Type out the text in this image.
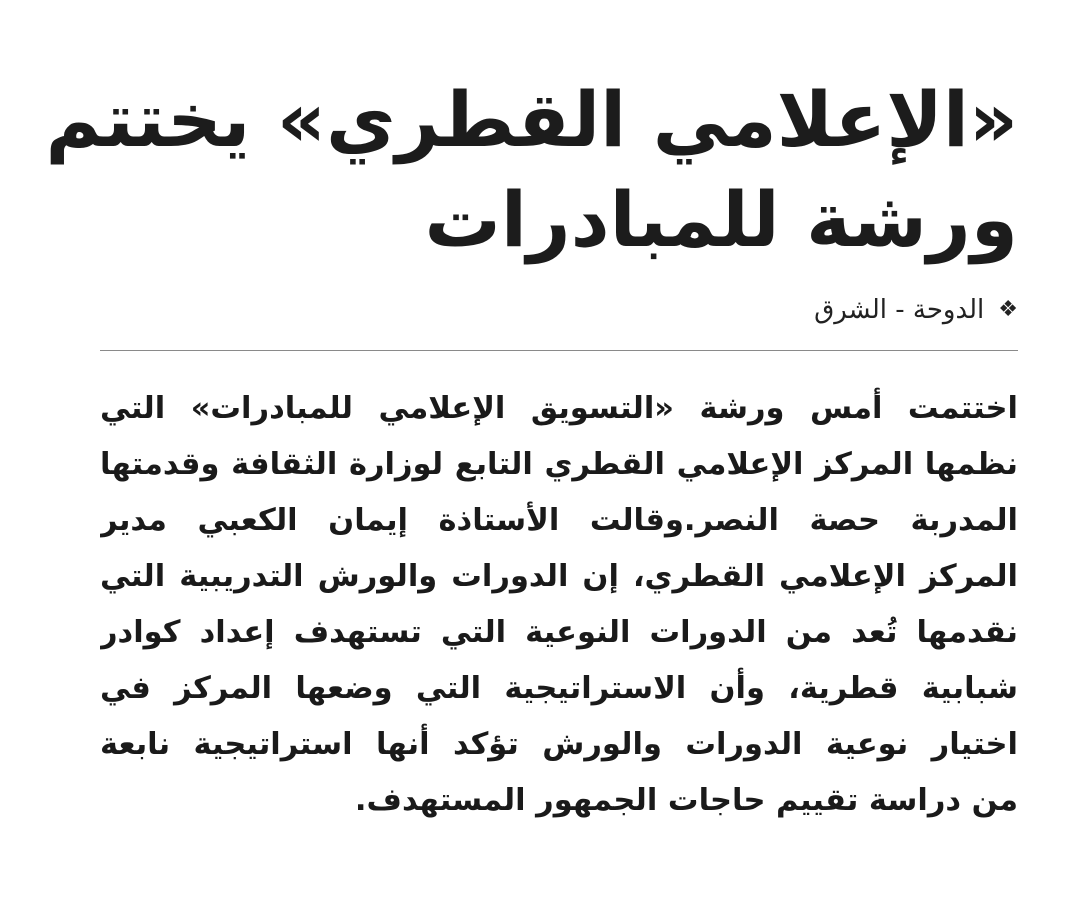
«الإعلامي القطري» يختتم
ورشة للمبادرات
❖
الدوحة - الشرق
اختتمت أمس ورشة «التسويق الإعلامي للمبادرات» التي
نظمها المركز الإعلامي القطري التابع لوزارة الثقافة وقدمتها
المدربة حصة النصر.وقالت الأستاذة إيمان الكعبي مدير
المركز الإعلامي القطري، إن الدورات والورش التدريبية التي
نقدمها تُعد من الدورات النوعية التي تستهدف إعداد كوادر
شبابية قطرية، وأن الاستراتيجية التي وضعها المركز في
اختيار نوعية الدورات والورش تؤكد أنها استراتيجية نابعة
من دراسة تقييم حاجات الجمهور المستهدف.
